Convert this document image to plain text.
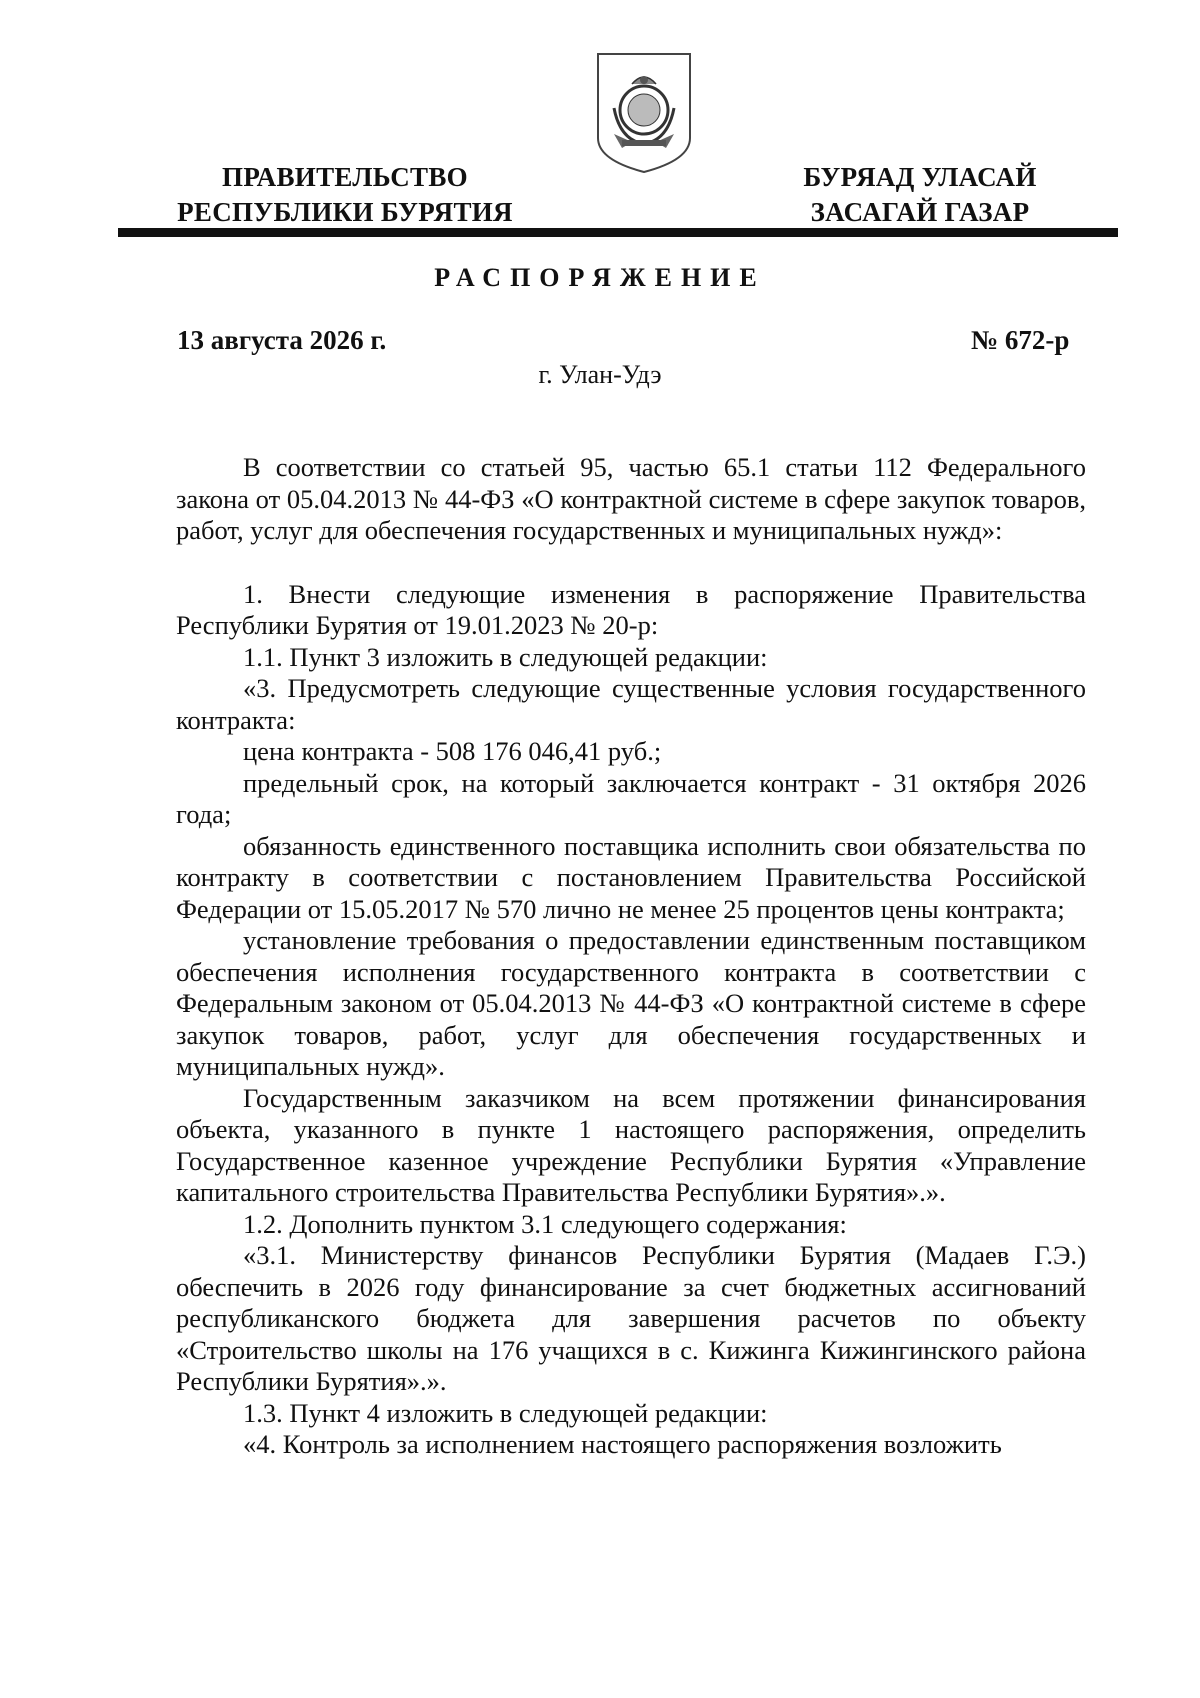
ПРАВИТЕЛЬСТВО
РЕСПУБЛИКИ БУРЯТИЯ
БУРЯАД УЛАСАЙ
ЗАСАГАЙ ГАЗАР
РАСПОРЯЖЕНИЕ
13 августа 2026 г.	№ 672-р
г. Улан-Удэ

В соответствии со статьей 95, частью 65.1 статьи 112 Федерального закона от 05.04.2013 № 44-ФЗ «О контрактной системе в сфере закупок товаров, работ, услуг для обеспечения государственных и муниципальных нужд»:

1. Внести следующие изменения в распоряжение Правительства Республики Бурятия от 19.01.2023 № 20-р:

1.1. Пункт 3 изложить в следующей редакции:

«3. Предусмотреть следующие существенные условия государственного контракта:

цена контракта - 508 176 046,41 руб.;

предельный срок, на который заключается контракт - 31 октября 2026 года;

обязанность единственного поставщика исполнить свои обязательства по контракту в соответствии с постановлением Правительства Российской Федерации от 15.05.2017 № 570 лично не менее 25 процентов цены контракта;

установление требования о предоставлении единственным поставщиком обеспечения исполнения государственного контракта в соответствии с Федеральным законом от 05.04.2013 № 44-ФЗ «О контрактной системе в сфере закупок товаров, работ, услуг для обеспечения государственных и муниципальных нужд».

Государственным заказчиком на всем протяжении финансирования объекта, указанного в пункте 1 настоящего распоряжения, определить Государственное казенное учреждение Республики Бурятия «Управление капитального строительства Правительства Республики Бурятия».».

1.2. Дополнить пунктом 3.1 следующего содержания:

«3.1. Министерству финансов Республики Бурятия (Мадаев Г.Э.) обеспечить в 2026 году финансирование за счет бюджетных ассигнований республиканского бюджета для завершения расчетов по объекту «Строительство школы на 176 учащихся в с. Кижинга Кижингинского района Республики Бурятия».».

1.3. Пункт 4 изложить в следующей редакции:

«4. Контроль за исполнением настоящего распоряжения возложить
